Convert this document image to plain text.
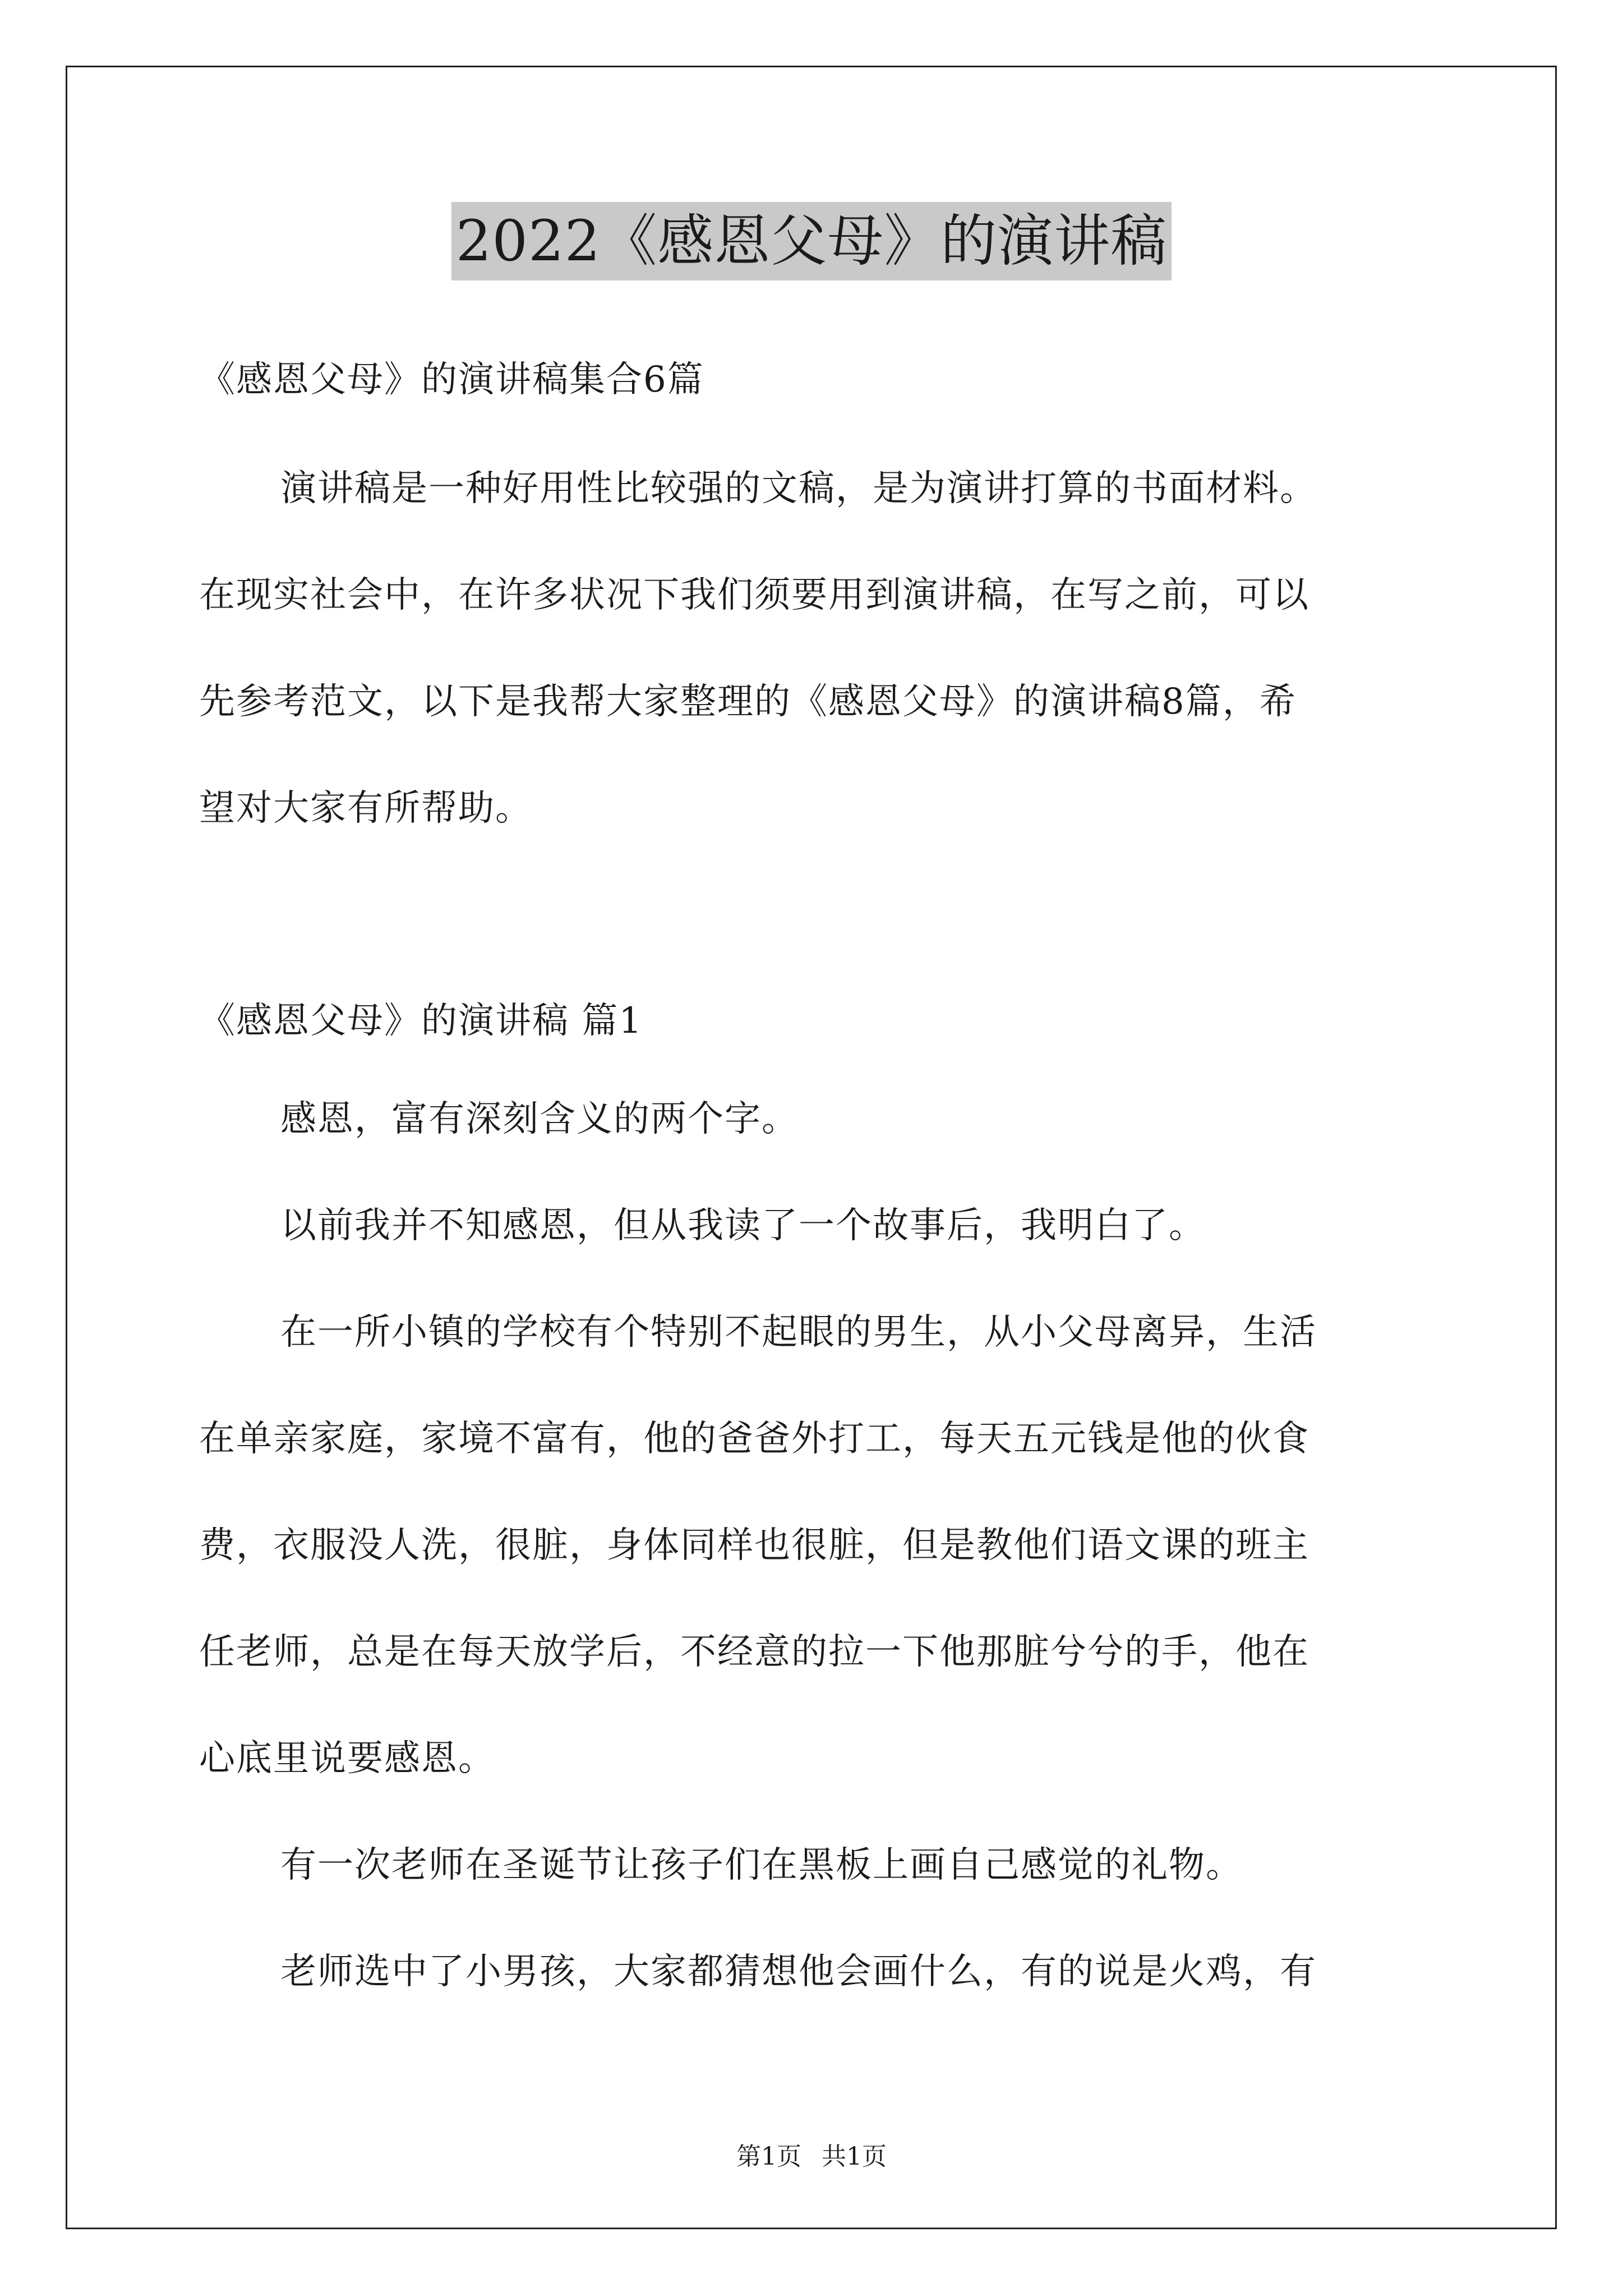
2022《感恩父母》的演讲稿
《感恩父母》的演讲稿集合6篇
演讲稿是一种好用性比较强的文稿，是为演讲打算的书面材料。
在现实社会中，在许多状况下我们须要用到演讲稿，在写之前，可以
先参考范文，以下是我帮大家整理的《感恩父母》的演讲稿8篇，希
望对大家有所帮助。
《感恩父母》的演讲稿 篇1
感恩，富有深刻含义的两个字。
以前我并不知感恩，但从我读了一个故事后，我明白了。
在一所小镇的学校有个特别不起眼的男生，从小父母离异，生活
在单亲家庭，家境不富有，他的爸爸外打工，每天五元钱是他的伙食
费，衣服没人洗，很脏，身体同样也很脏，但是教他们语文课的班主
任老师，总是在每天放学后，不经意的拉一下他那脏兮兮的手，他在
心底里说要感恩。
有一次老师在圣诞节让孩子们在黑板上画自己感觉的礼物。
老师选中了小男孩，大家都猜想他会画什么，有的说是火鸡，有
第1页 共1页
